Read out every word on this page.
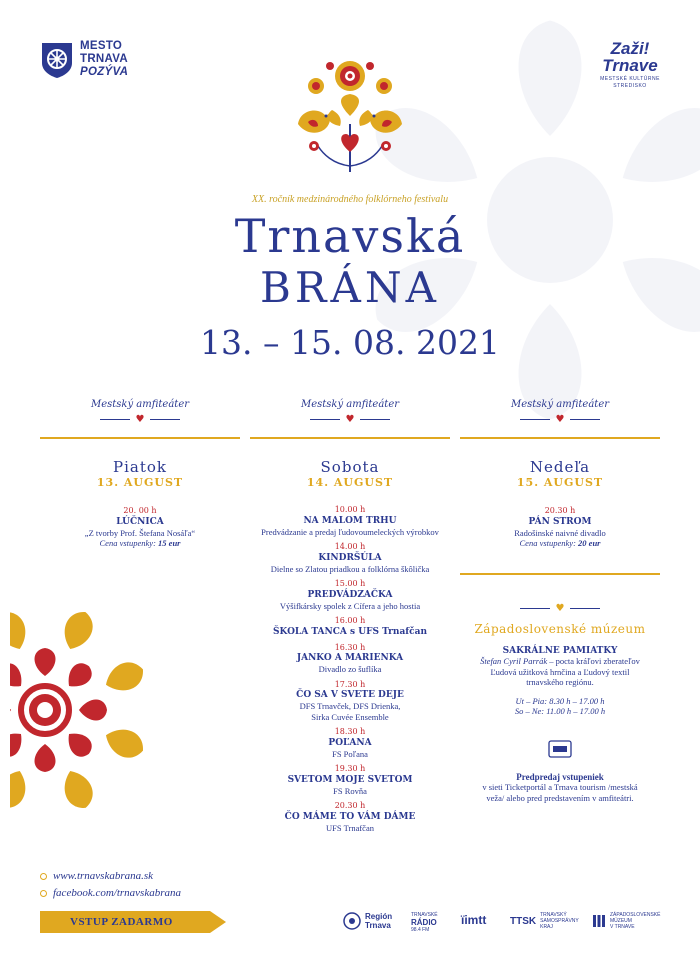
MESTO
TRNAVA
POZÝVA
Zaži!
Trnave
MESTSKÉ KULTÚRNE STREDISKO
XX. ročník medzinárodného folklórneho festivalu
Trnavská
BRÁNA
13. – 15. 08. 2021
Mestský amfiteáter
♥
Piatok
13. AUGUST
20. 00 h
LÚČNICA
„Z tvorby Prof. Štefana Nosáľa“
Cena vstupenky: 15 eur
Mestský amfiteáter
♥
Sobota
14. AUGUST
10.00 h
NA MALOM TRHU
Predvádzanie a predaj ľudovoumeleckých výrobkov
14.00 h
KINDRŠÚLA
Dielne so Zlatou priadkou a folklórna škôlička
15.00 h
PREDVÁDZAČKA
Výšifkársky spolek z Cífera a jeho hostia
16.00 h
ŠKOLA TANCA s UFS Trnafčan
16.30 h
JANKO A MARIENKA
Divadlo zo šuflíka
17.30 h
ČO SA V SVETE DEJE
DFS Trnavček, DFS Drienka,
Sirka Cuvée Ensemble
18.30 h
POĽANA
FS Poľana
19.30 h
SVETOM MOJE SVETOM
FS Rovňa
20.30 h
ČO MÁME TO VÁM DÁME
UFS Trnafčan
Mestský amfiteáter
♥
Nedeľa
15. AUGUST
20.30 h
PÁN STROM
Radošinské naivné divadlo
Cena vstupenky: 20 eur
♥
Západoslovenské múzeum
SAKRÁLNE PAMIATKY
Štefan Cyril Parrák – pocta kráľovi zberateľov
Ľudová užitková hrnčina a Ľudový textil
trnavského regiónu.
Ut – Pia: 8.30 h – 17.00 h
So – Ne: 11.00 h – 17.00 h
Predpredaj vstupeniek
v sieti Ticketportál a Trnava tourism /mestská
veža/ alebo pred predstavením v amfiteátri.
www.trnavskabrana.sk
facebook.com/trnavskabrana
VSTUP ZADARMO	Región
Trnava
TRNAVSKÉ
RÁDIO
98.4 FM
ïimtt TTSK
TRNAVSKÝ
SAMOSPRÁVNY
KRAJ
ZÁPADOSLOVENSKÉ
MÚZEUM
V TRNAVE
